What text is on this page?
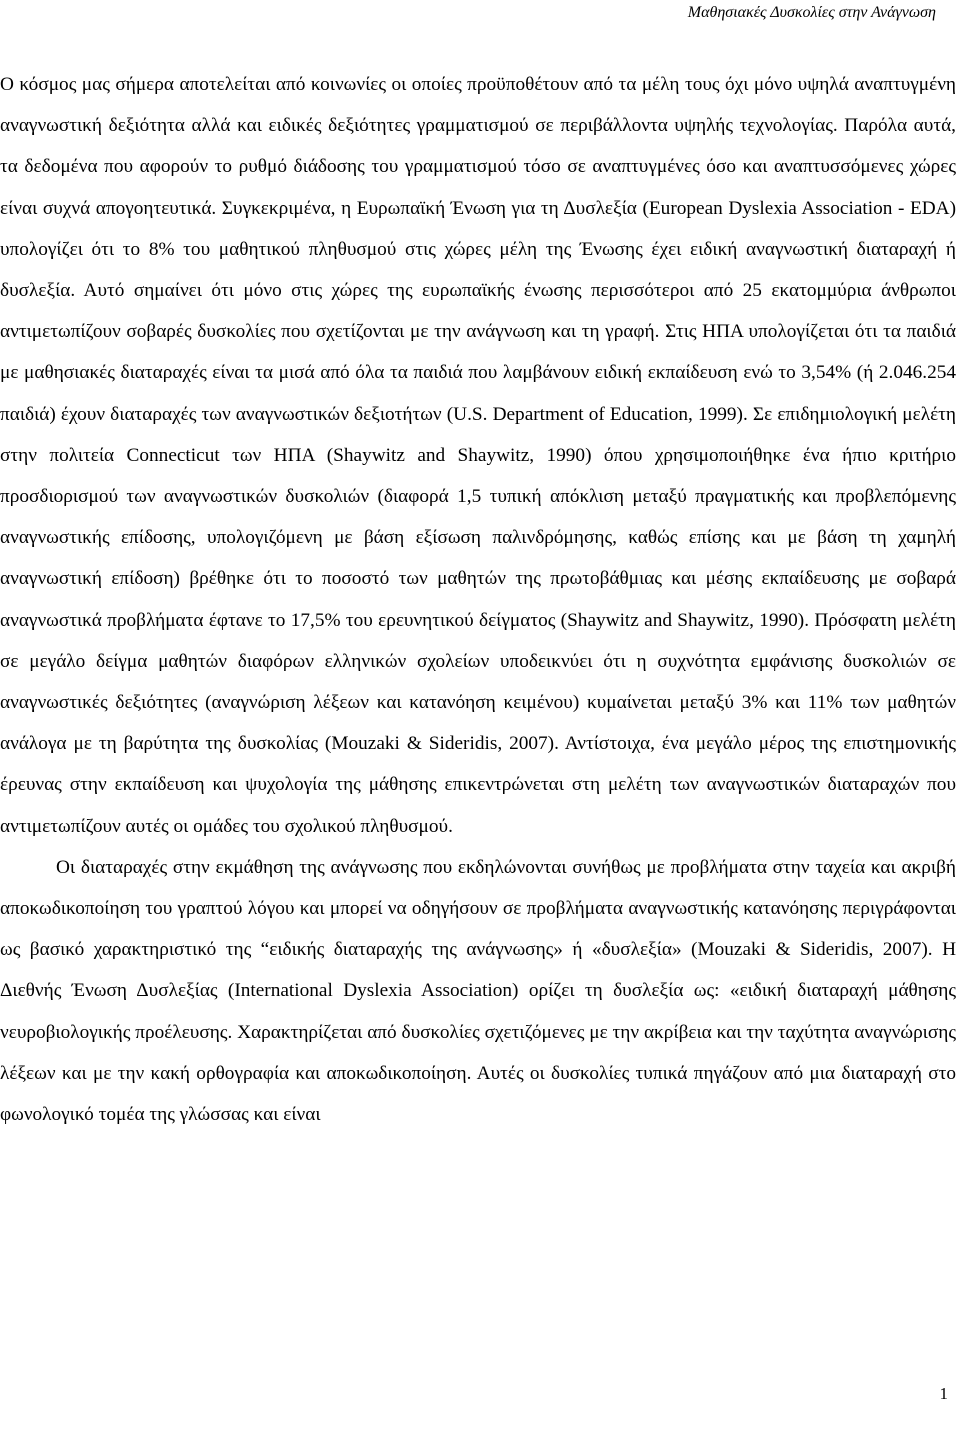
Μαθησιακές Δυσκολίες στην Ανάγνωση

Ο κόσμος μας σήμερα αποτελείται από κοινωνίες οι οποίες προϋποθέτουν από τα μέλη τους όχι μόνο υψηλά αναπτυγμένη αναγνωστική δεξιότητα αλλά και ειδικές δεξιότητες γραμματισμού σε περιβάλλοντα υψηλής τεχνολογίας. Παρόλα αυτά, τα δεδομένα που αφορούν το ρυθμό διάδοσης του γραμματισμού τόσο σε αναπτυγμένες όσο και αναπτυσσόμενες χώρες είναι συχνά απογοητευτικά. Συγκεκριμένα, η Ευρωπαϊκή Ένωση για τη Δυσλεξία (European Dyslexia Association - EDA) υπολογίζει ότι το 8% του μαθητικού πληθυσμού στις χώρες μέλη της Ένωσης έχει ειδική αναγνωστική διαταραχή ή δυσλεξία. Αυτό σημαίνει ότι μόνο στις χώρες της ευρωπαϊκής ένωσης περισσότεροι από 25 εκατομμύρια άνθρωποι αντιμετωπίζουν σοβαρές δυσκολίες που σχετίζονται με την ανάγνωση και τη γραφή. Στις ΗΠΑ υπολογίζεται ότι τα παιδιά με μαθησιακές διαταραχές είναι τα μισά από όλα τα παιδιά που λαμβάνουν ειδική εκπαίδευση ενώ το 3,54% (ή 2.046.254 παιδιά) έχουν διαταραχές των αναγνωστικών δεξιοτήτων (U.S. Department of Education, 1999). Σε επιδημιολογική μελέτη στην πολιτεία Connecticut των ΗΠΑ (Shaywitz and Shaywitz, 1990) όπου χρησιμοποιήθηκε ένα ήπιο κριτήριο προσδιορισμού των αναγνωστικών δυσκολιών (διαφορά 1,5 τυπική απόκλιση μεταξύ πραγματικής και προβλεπόμενης αναγνωστικής επίδοσης, υπολογιζόμενη με βάση εξίσωση παλινδρόμησης, καθώς επίσης και με βάση τη χαμηλή αναγνωστική επίδοση) βρέθηκε ότι το ποσοστό των μαθητών της πρωτοβάθμιας και μέσης εκπαίδευσης με σοβαρά αναγνωστικά προβλήματα έφτανε το 17,5% του ερευνητικού δείγματος (Shaywitz and Shaywitz, 1990). Πρόσφατη μελέτη σε μεγάλο δείγμα μαθητών διαφόρων ελληνικών σχολείων υποδεικνύει ότι η συχνότητα εμφάνισης δυσκολιών σε αναγνωστικές δεξιότητες (αναγνώριση λέξεων και κατανόηση κειμένου) κυμαίνεται μεταξύ 3% και 11% των μαθητών ανάλογα με τη βαρύτητα της δυσκολίας (Mouzaki & Sideridis, 2007). Αντίστοιχα, ένα μεγάλο μέρος της επιστημονικής έρευνας στην εκπαίδευση και ψυχολογία της μάθησης επικεντρώνεται στη μελέτη των αναγνωστικών διαταραχών που αντιμετωπίζουν αυτές οι ομάδες του σχολικού πληθυσμού.

Οι διαταραχές στην εκμάθηση της ανάγνωσης που εκδηλώνονται συνήθως με προβλήματα στην ταχεία και ακριβή αποκωδικοποίηση του γραπτού λόγου και μπορεί να οδηγήσουν σε προβλήματα αναγνωστικής κατανόησης περιγράφονται ως βασικό χαρακτηριστικό της “ειδικής διαταραχής της ανάγνωσης» ή «δυσλεξία» (Mouzaki & Sideridis, 2007). Η Διεθνής Ένωση Δυσλεξίας (International Dyslexia Association) ορίζει τη δυσλεξία ως: «ειδική διαταραχή μάθησης νευροβιολογικής προέλευσης. Χαρακτηρίζεται από δυσκολίες σχετιζόμενες με την ακρίβεια και την ταχύτητα αναγνώρισης λέξεων και με την κακή ορθογραφία και αποκωδικοποίηση. Αυτές οι δυσκολίες τυπικά πηγάζουν από μια διαταραχή στο φωνολογικό τομέα της γλώσσας και είναι

1
